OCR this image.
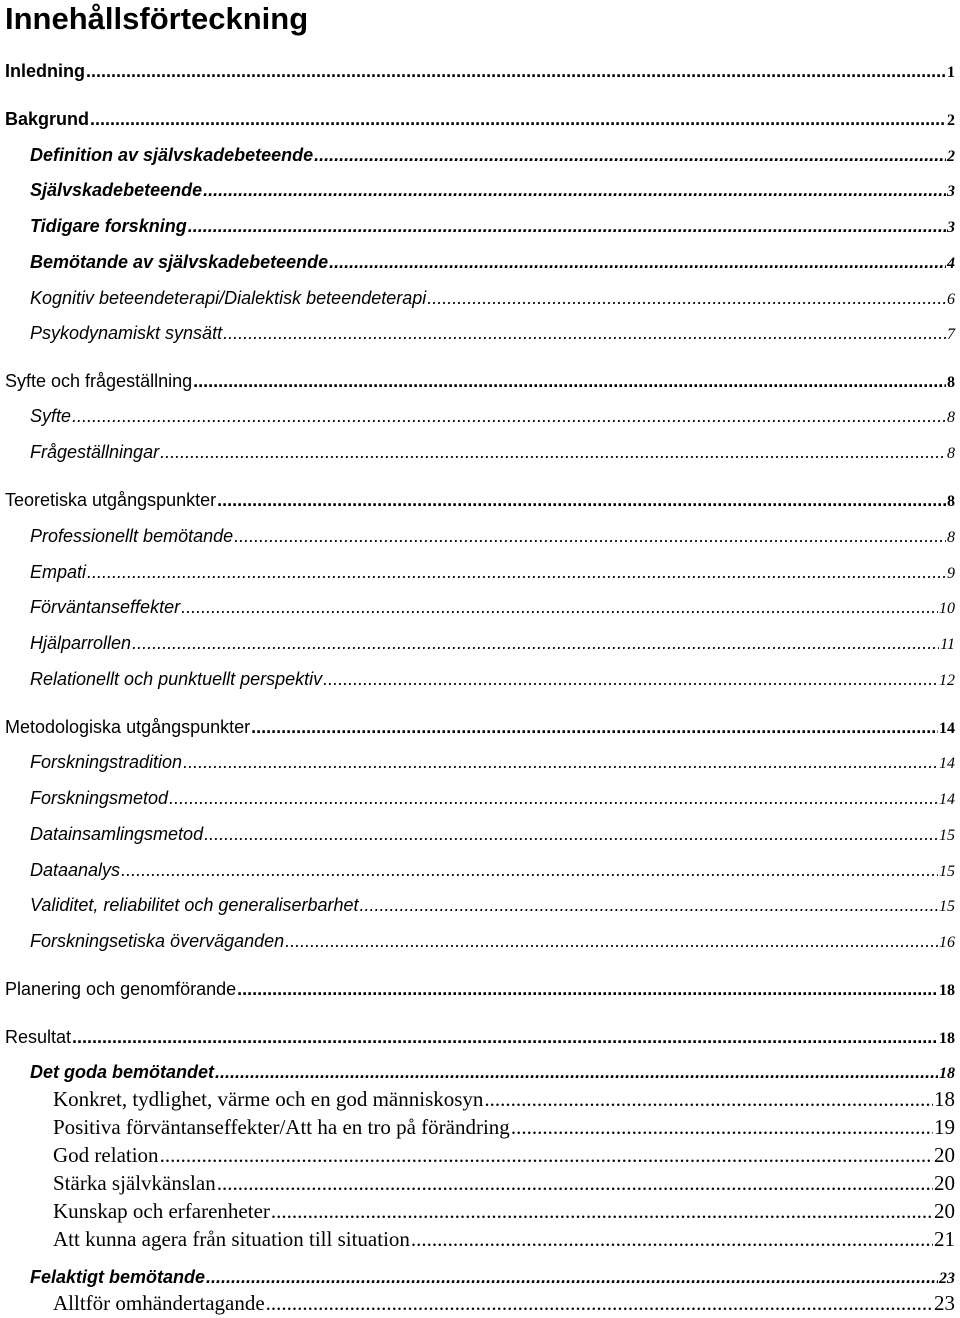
Innehållsförteckning
Inledning .....	1
Bakgrund .....	2
Definition av självskadebeteende .....	2
Självskadebeteende .....	3
Tidigare forskning .....	3
Bemötande av självskadebeteende .....	4
Kognitiv beteendeterapi/Dialektisk beteendeterapi .....	6
Psykodynamiskt synsätt .....	7
Syfte och frågeställning .....	8
Syfte .....	8
Frågeställningar .....	8
Teoretiska utgångspunkter .....	8
Professionellt bemötande .....	8
Empati .....	9
Förväntanseffekter .....	10
Hjälparrollen .....	11
Relationellt och punktuellt perspektiv .....	12
Metodologiska utgångspunkter .....	14
Forskningstradition .....	14
Forskningsmetod .....	14
Datainsamlingsmetod .....	15
Dataanalys .....	15
Validitet, reliabilitet och generaliserbarhet .....	15
Forskningsetiska överväganden .....	16
Planering och genomförande .....	18
Resultat .....	18
Det goda bemötandet .....	18
Konkret, tydlighet, värme och en god människosyn .....	18
Positiva förväntanseffekter/Att ha en tro på förändring .....	19
God relation .....	20
Stärka självkänslan .....	20
Kunskap och erfarenheter .....	20
Att kunna agera från situation till situation .....	21
Felaktigt bemötande .....	23
Alltför omhändertagande .....	23
